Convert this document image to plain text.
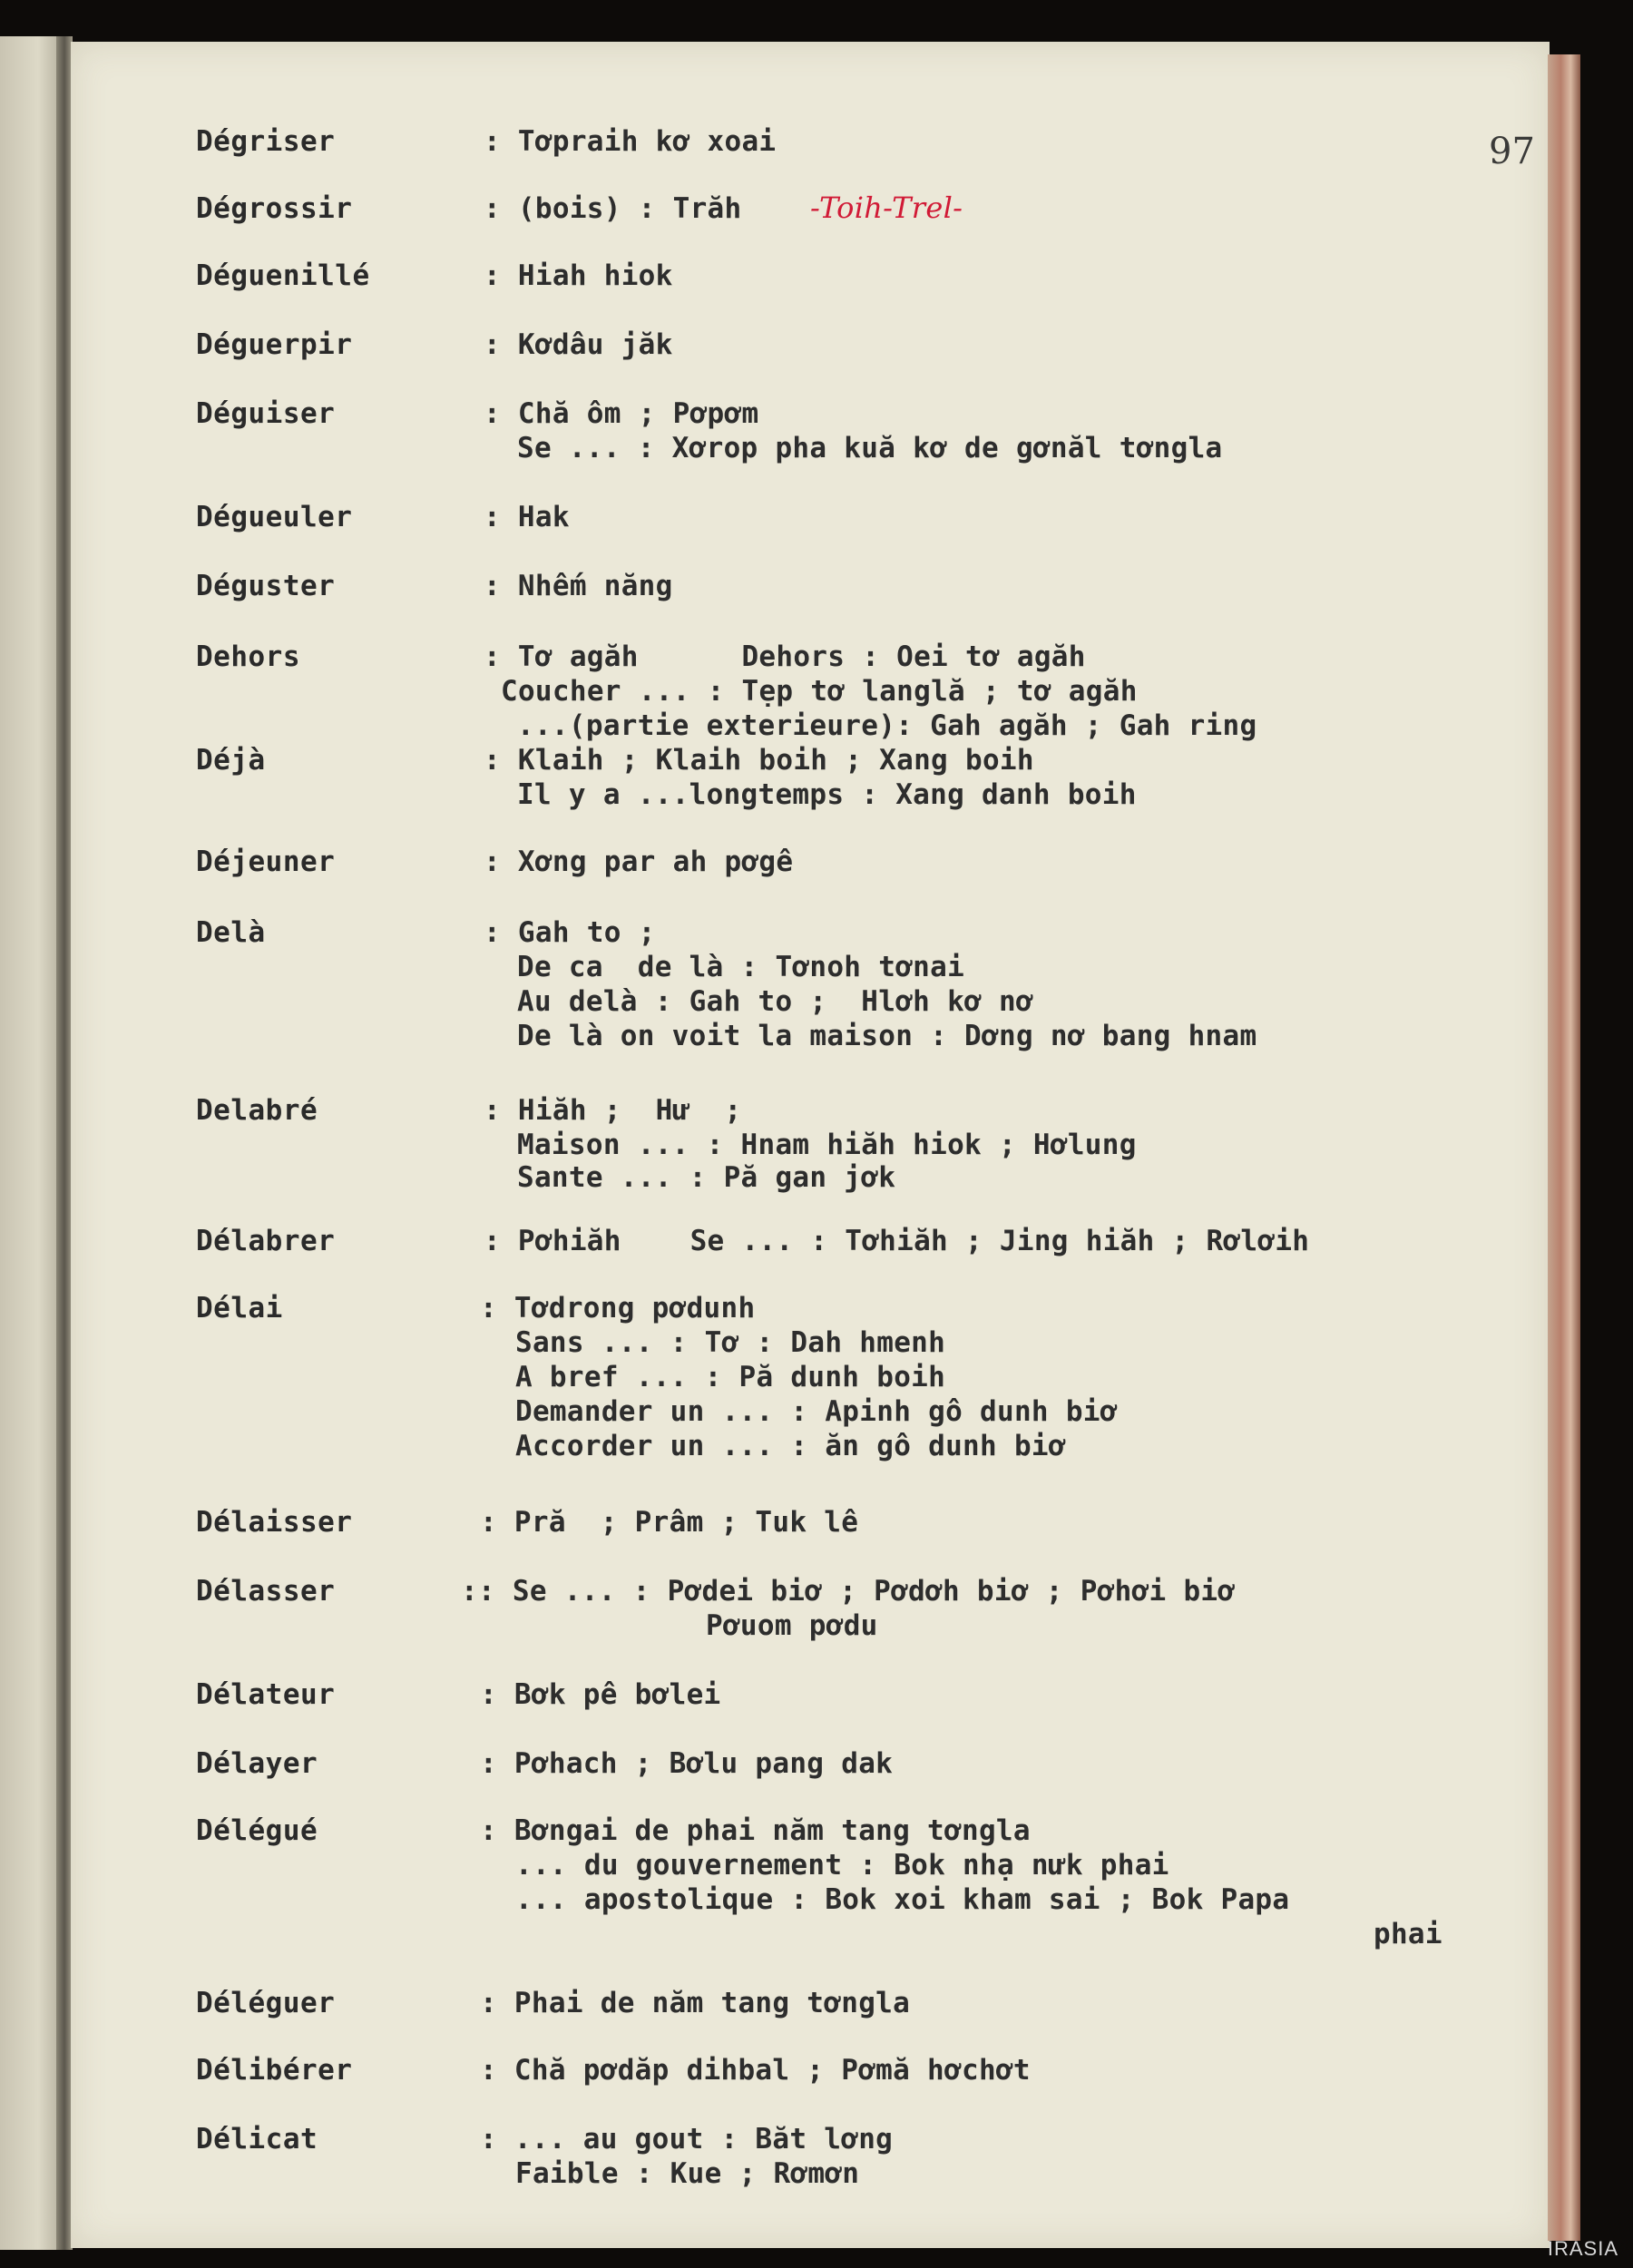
97
Dégriser	: Tơpraih kơ xoai
Dégrossir	: (bois) : Trăh -Toih-Trel-
Déguenillé	: Hiah hiok
Déguerpir	: Kơdâu jăk
Déguiser	: Chă ôm ; Pơpơm
Se ... : Xơrop pha kuă kơ de gơnăl tơngla
Dégueuler	: Hak
Déguster	: Nhếm năng
Dehors	: Tơ agăh      Dehors : Oei tơ agăh
Coucher ... : Tẹp tơ langlă ; tơ agăh
...(partie exterieure): Gah agăh ; Gah ring
Déjà	: Klaih ; Klaih boih ; Xang boih
Il y a ...longtemps : Xang danh boih
Déjeuner	: Xơng par ah pơgê
Delà	: Gah to ;
De ca  de là : Tơnoh tơnai
Au delà : Gah to ;  Hlơh kơ nơ
De là on voit la maison : Dơng nơ bang hnam
Delabré	: Hiăh ;  Hư  ;
Maison ... : Hnam hiăh hiok ; Hơlung
Sante ... : Pă gan jơk
Délabrer	: Pơhiăh    Se ... : Tơhiăh ; Jing hiăh ; Rơlơih
Délai	: Tơdrong pơdunh
Sans ... : Tơ : Dah hmenh
A bref ... : Pă dunh boih
Demander un ... : Apinh gô dunh biơ
Accorder un ... : ăn gô dunh biơ
Délaisser	: Pră  ; Prâm ; Tuk lê
Délasser	:: Se ... : Pơdei biơ ; Pơdơh biơ ; Pơhơi biơ
Pơuom pơdu
Délateur	: Bơk pê bơlei
Délayer	: Pơhach ; Bơlu pang dak
Délégué	: Bơngai de phai năm tang tơngla
... du gouvernement : Bok nhạ nưk phai
... apostolique : Bok xoi kham sai ; Bok Papa
phai
Déléguer	: Phai de năm tang tơngla
Délibérer	: Chă pơdăp dihbal ; Pơmă hơchơt
Délicat	: ... au gout : Băt lơng
Faible : Kue ; Rơmơn
IRASIA
